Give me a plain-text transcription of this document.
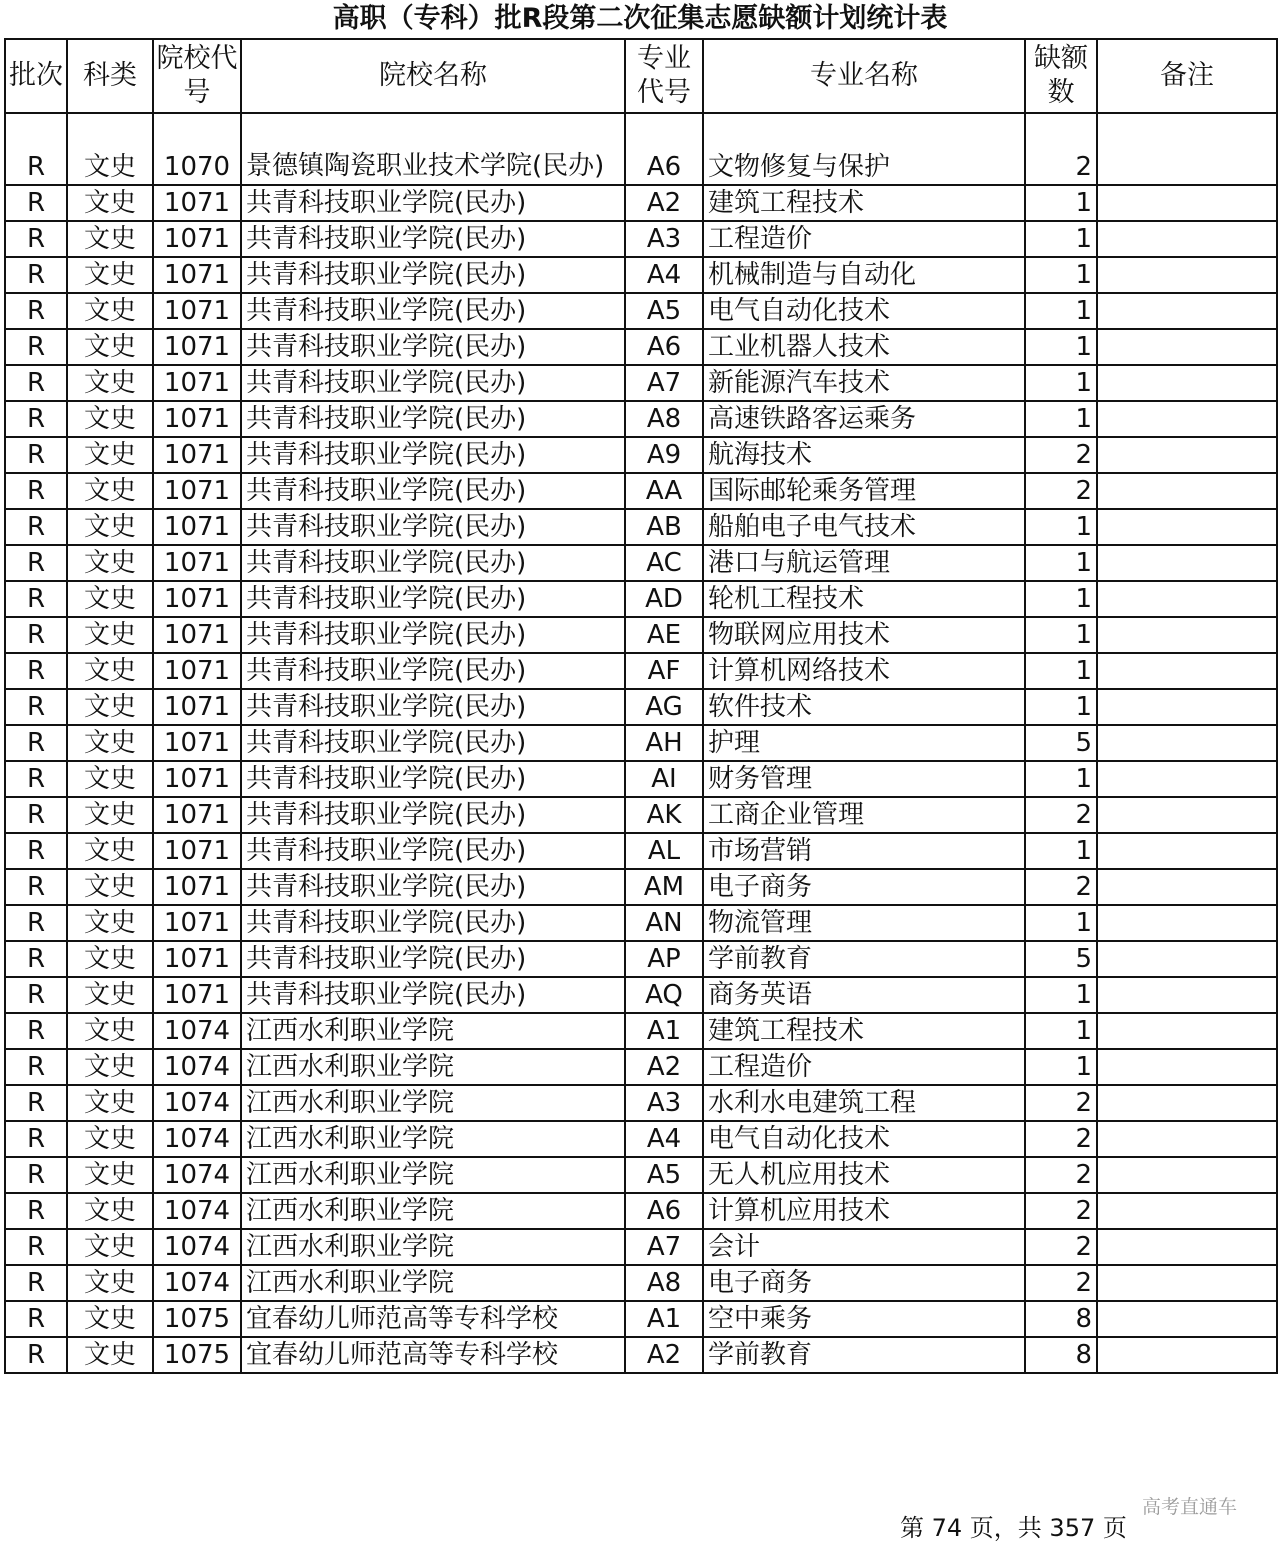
高职（专科）批R段第二次征集志愿缺额计划统计表
批次	科类	院校代号	院校名称	专业代号	专业名称	缺额数	备注
R	文史	1070	景德镇陶瓷职业技术学院(民办)	A6	文物修复与保护	2	
R	文史	1071	共青科技职业学院(民办)	A2	建筑工程技术	1	
R	文史	1071	共青科技职业学院(民办)	A3	工程造价	1	
R	文史	1071	共青科技职业学院(民办)	A4	机械制造与自动化	1	
R	文史	1071	共青科技职业学院(民办)	A5	电气自动化技术	1	
R	文史	1071	共青科技职业学院(民办)	A6	工业机器人技术	1	
R	文史	1071	共青科技职业学院(民办)	A7	新能源汽车技术	1	
R	文史	1071	共青科技职业学院(民办)	A8	高速铁路客运乘务	1	
R	文史	1071	共青科技职业学院(民办)	A9	航海技术	2	
R	文史	1071	共青科技职业学院(民办)	AA	国际邮轮乘务管理	2	
R	文史	1071	共青科技职业学院(民办)	AB	船舶电子电气技术	1	
R	文史	1071	共青科技职业学院(民办)	AC	港口与航运管理	1	
R	文史	1071	共青科技职业学院(民办)	AD	轮机工程技术	1	
R	文史	1071	共青科技职业学院(民办)	AE	物联网应用技术	1	
R	文史	1071	共青科技职业学院(民办)	AF	计算机网络技术	1	
R	文史	1071	共青科技职业学院(民办)	AG	软件技术	1	
R	文史	1071	共青科技职业学院(民办)	AH	护理	5	
R	文史	1071	共青科技职业学院(民办)	AI	财务管理	1	
R	文史	1071	共青科技职业学院(民办)	AK	工商企业管理	2	
R	文史	1071	共青科技职业学院(民办)	AL	市场营销	1	
R	文史	1071	共青科技职业学院(民办)	AM	电子商务	2	
R	文史	1071	共青科技职业学院(民办)	AN	物流管理	1	
R	文史	1071	共青科技职业学院(民办)	AP	学前教育	5	
R	文史	1071	共青科技职业学院(民办)	AQ	商务英语	1	
R	文史	1074	江西水利职业学院	A1	建筑工程技术	1	
R	文史	1074	江西水利职业学院	A2	工程造价	1	
R	文史	1074	江西水利职业学院	A3	水利水电建筑工程	2	
R	文史	1074	江西水利职业学院	A4	电气自动化技术	2	
R	文史	1074	江西水利职业学院	A5	无人机应用技术	2	
R	文史	1074	江西水利职业学院	A6	计算机应用技术	2	
R	文史	1074	江西水利职业学院	A7	会计	2	
R	文史	1074	江西水利职业学院	A8	电子商务	2	
R	文史	1075	宜春幼儿师范高等专科学校	A1	空中乘务	8	
R	文史	1075	宜春幼儿师范高等专科学校	A2	学前教育	8	
高考直通车
第 74 页，共 357 页
